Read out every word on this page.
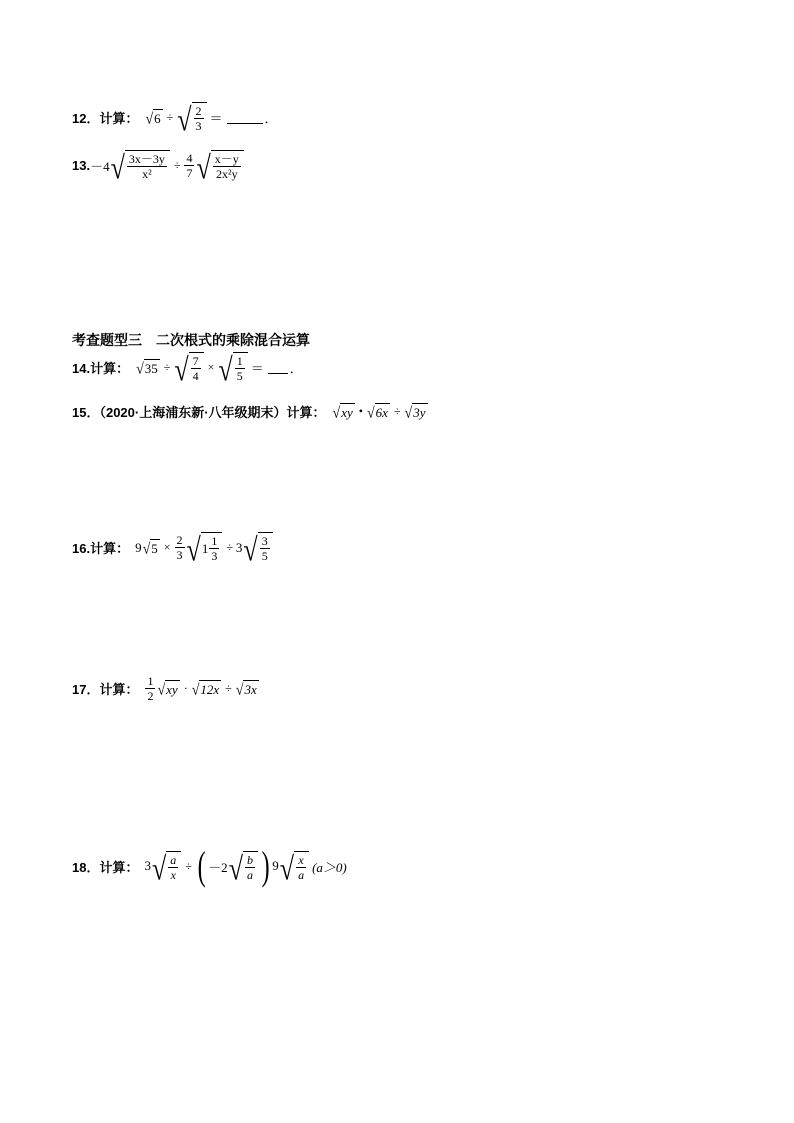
12．计算： √ 6 ÷ √ $\frac{2}{3}$ ＝	．
13. －4 √ $\frac{3x-3y}{\text{x²}} \div \frac{4}{7}$ √ $\frac{x-y}{\text{2x²y}}$
考查题型三　二次根式的乘除混合运算
14.计算： √ 35 ÷ √ $\frac{7}{4}$ × √ $\frac{1}{5}$ ＝ ．
15．（2020·上海浦东新·八年级期末）计算： √ xy • √ 6x ÷ √ 3y
16.计算： 9 √ $5 \times \frac{2}{3}$ √ $1 \frac{1}{3} \div 3$ √ $\frac{3}{5}$
17．计算： $\frac{1}{2}$ √ xy · √ 12x ÷ √ 3x
18．计算： 3 √ $\frac{a}{x}$ ÷ ( －2 √ $\frac{b}{a}$ ) 9 √ $\frac{x}{a} (a>0)$
